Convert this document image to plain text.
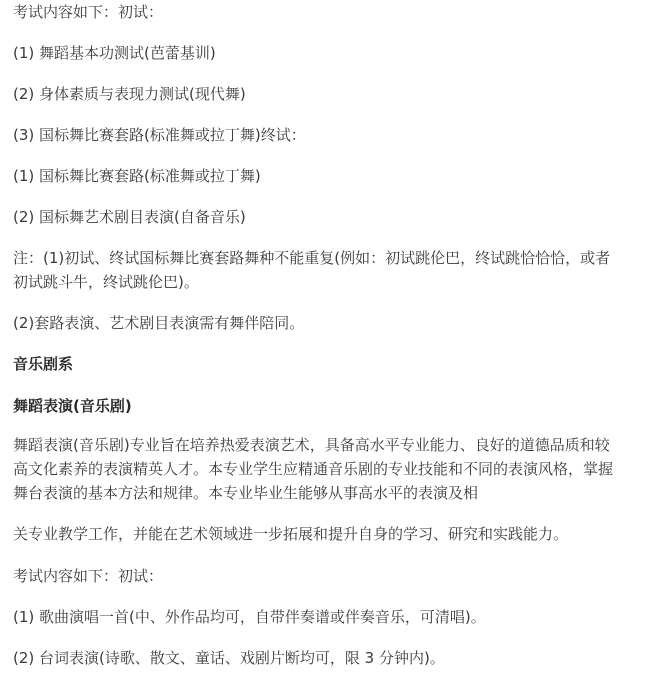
考试内容如下：初试：
(1) 舞蹈基本功测试(芭蕾基训)
(2) 身体素质与表现力测试(现代舞)
(3) 国标舞比赛套路(标准舞或拉丁舞)终试：
(1) 国标舞比赛套路(标准舞或拉丁舞)
(2) 国标舞艺术剧目表演(自备音乐)
注：(1)初试、终试国标舞比赛套路舞种不能重复(例如：初试跳伦巴，终试跳恰恰恰，或者
初试跳斗牛，终试跳伦巴)。
(2)套路表演、艺术剧目表演需有舞伴陪同。
音乐剧系
舞蹈表演(音乐剧)
舞蹈表演(音乐剧)专业旨在培养热爱表演艺术，具备高水平专业能力、良好的道德品质和较
高文化素养的表演精英人才。本专业学生应精通音乐剧的专业技能和不同的表演风格，掌握
舞台表演的基本方法和规律。本专业毕业生能够从事高水平的表演及相
关专业教学工作，并能在艺术领域进一步拓展和提升自身的学习、研究和实践能力。
考试内容如下：初试：
(1) 歌曲演唱一首(中、外作品均可，自带伴奏谱或伴奏音乐，可清唱)。
(2) 台词表演(诗歌、散文、童话、戏剧片断均可，限 3 分钟内)。
